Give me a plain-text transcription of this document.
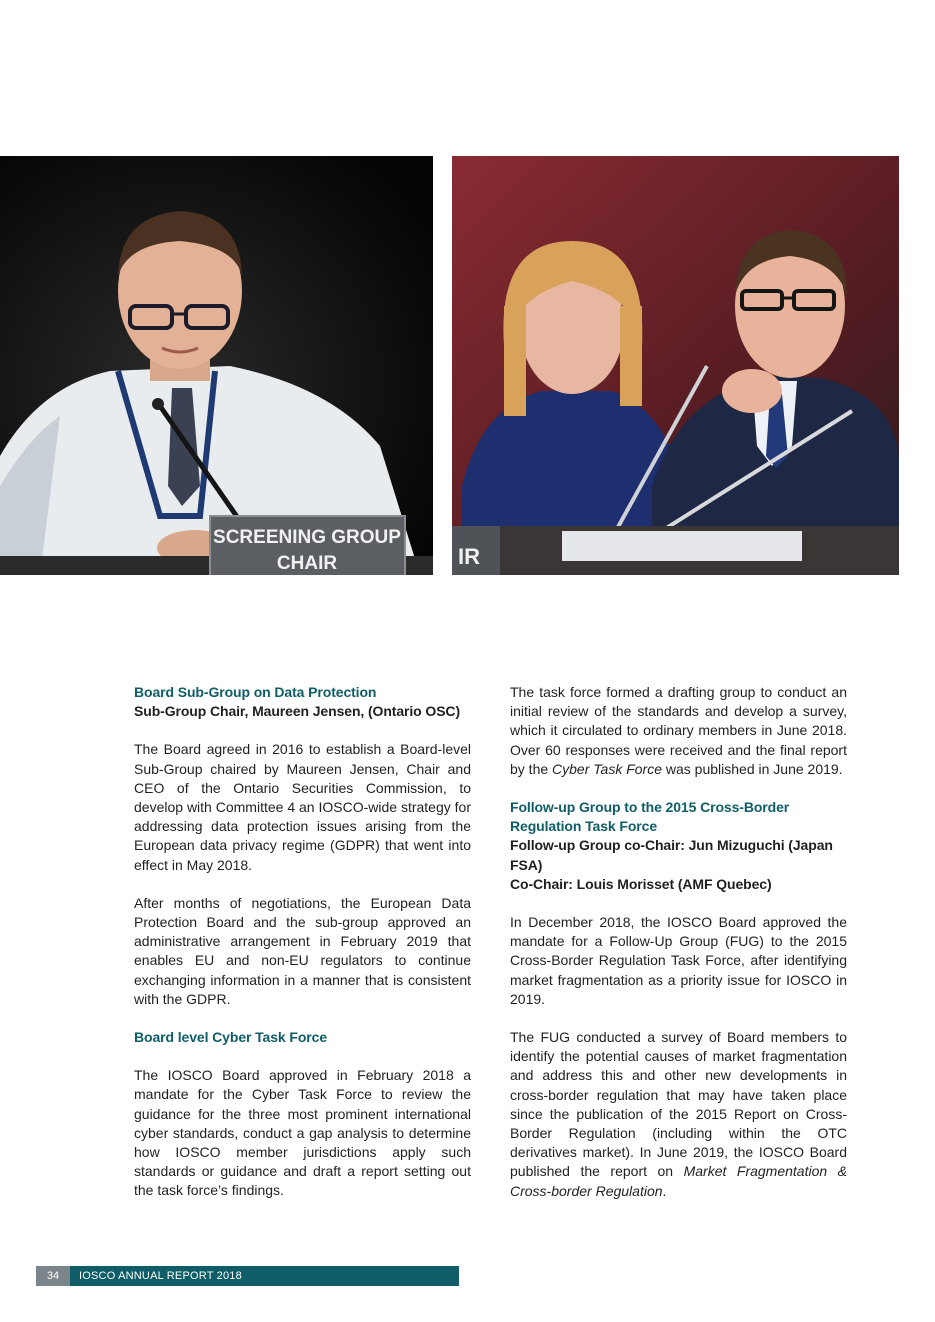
SCREENING GROUP
CHAIR	IR

Board Sub-Group on Data Protection

Sub-Group Chair, Maureen Jensen, (Ontario OSC)

The Board agreed in 2016 to establish a Board-level Sub-Group chaired by Maureen Jensen, Chair and CEO of the Ontario Securities Commission, to develop with Committee 4 an IOSCO-wide strategy for addressing data protection issues arising from the European data privacy regime (GDPR) that went into effect in May 2018.

After months of negotiations, the European Data Protection Board and the sub-group approved an administrative arrangement in February 2019 that enables EU and non-EU regulators to continue exchanging information in a manner that is consistent with the GDPR.

Board level Cyber Task Force

The IOSCO Board approved in February 2018 a mandate for the Cyber Task Force to review the guidance for the three most prominent international cyber standards, conduct a gap analysis to determine how IOSCO member jurisdictions apply such standards or guidance and draft a report setting out the task force’s findings.

The task force formed a drafting group to conduct an initial review of the standards and develop a survey, which it circulated to ordinary members in June 2018. Over 60 responses were received and the final report by the Cyber Task Force was published in June 2019.

Follow-up Group to the 2015 Cross-Border Regulation Task Force

Follow-up Group co-Chair: Jun Mizuguchi (Japan FSA)

Co-Chair: Louis Morisset (AMF Quebec)

In December 2018, the IOSCO Board approved the mandate for a Follow-Up Group (FUG) to the 2015 Cross-Border Regulation Task Force, after identifying market fragmentation as a priority issue for IOSCO in 2019.

The FUG conducted a survey of Board members to identify the potential causes of market fragmentation and address this and other new developments in cross-border regulation that may have taken place since the publication of the 2015 Report on Cross-Border Regulation (including within the OTC derivatives market). In June 2019, the IOSCO Board published the report on Market Fragmentation & Cross-border Regulation.

34	IOSCO ANNUAL REPORT 2018
